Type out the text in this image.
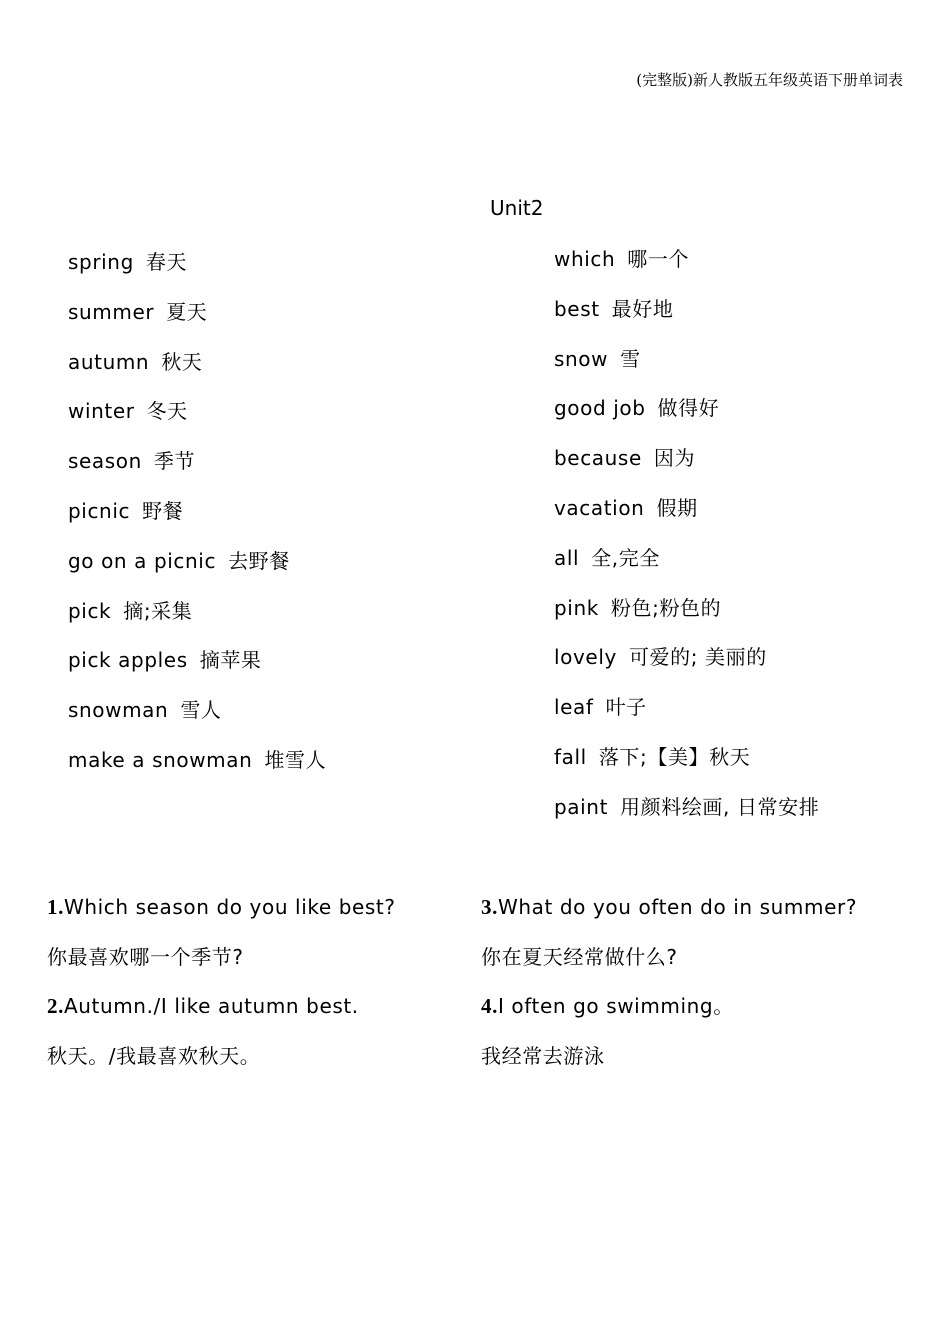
(完整版)新人教版五年级英语下册单词表
Unit2
spring 春天
summer 夏天
autumn 秋天
winter 冬天
season 季节
picnic 野餐
go on a picnic 去野餐
pick 摘;采集
pick apples 摘苹果
snowman 雪人
make a snowman 堆雪人
which 哪一个
best 最好地
snow 雪
good job 做得好
because 因为
vacation 假期
all 全,完全
pink 粉色;粉色的
lovely 可爱的; 美丽的
leaf 叶子
fall 落下;【美】秋天
paint 用颜料绘画, 日常安排
1.Which season do you like best?
你最喜欢哪一个季节?
2.Autumn./I like autumn best.
秋天。/我最喜欢秋天。
3.What do you often do in summer?
你在夏天经常做什么?
4.I often go swimming。
我经常去游泳
